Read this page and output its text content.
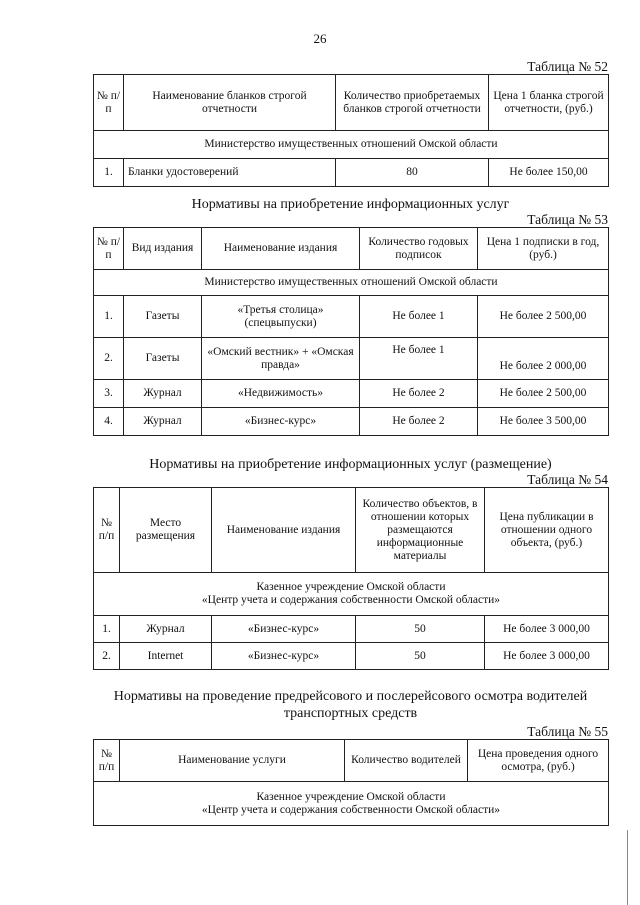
26
Таблица № 52
№ п/п	Наименование бланков строгой отчетности	Количество приобретаемых бланков строгой отчетности	Цена 1 бланка строгой отчетности, (руб.)
Министерство имущественных отношений Омской области			
1.	Бланки удостоверений	80	Не более 150,00
Нормативы на приобретение информационных услуг
Таблица № 53
№ п/п	Вид издания	Наименование издания	Количество годовых подписок	Цена 1 подписки в год, (руб.)
Министерство имущественных отношений Омской области				
1.	Газеты	«Третья столица» (спецвыпуски)	Не более 1	Не более 2 500,00
2.	Газеты	«Омский вестник» + «Омская правда»	Не более 1	Не более 2 000,00
3.	Журнал	«Недвижимость»	Не более 2	Не более 2 500,00
4.	Журнал	«Бизнес-курс»	Не более 2	Не более 3 500,00
Нормативы на приобретение информационных услуг (размещение)
Таблица № 54
№ п/п	Место размещения	Наименование издания	Количество объектов, в отношении которых размещаются информационные материалы	Цена публикации в отношении одного объекта, (руб.)

Казенное учреждение Омской области
«Центр учета и содержания собственности Омской области»				

1.	Журнал	«Бизнес-курс»	50	Не более 3 000,00
2.	Internet	«Бизнес-курс»	50	Не более 3 000,00
Нормативы на проведение предрейсового и послерейсового осмотра водителей
транспортных средств
Таблица № 55
№ п/п	Наименование услуги	Количество водителей	Цена проведения одного осмотра, (руб.)

Казенное учреждение Омской области
«Центр учета и содержания собственности Омской области»
